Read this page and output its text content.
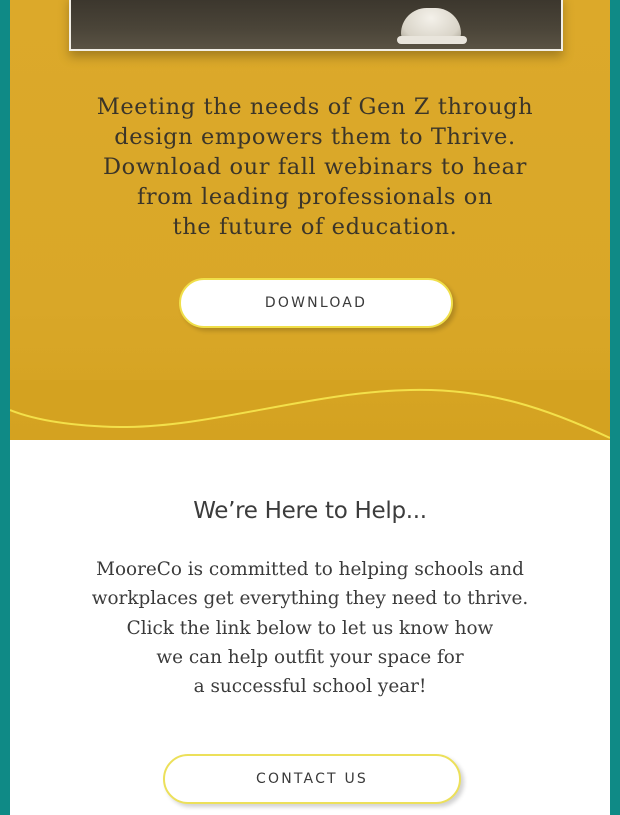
Meeting the needs of Gen Z through
design empowers them to Thrive.
Download our fall webinars to hear
from leading professionals on
the future of education.
DOWNLOAD
We’re Here to Help...
MooreCo is committed to helping schools and
workplaces get everything they need to thrive.
Click the link below to let us know how
we can help outfit your space for
a successful school year!
CONTACT US
